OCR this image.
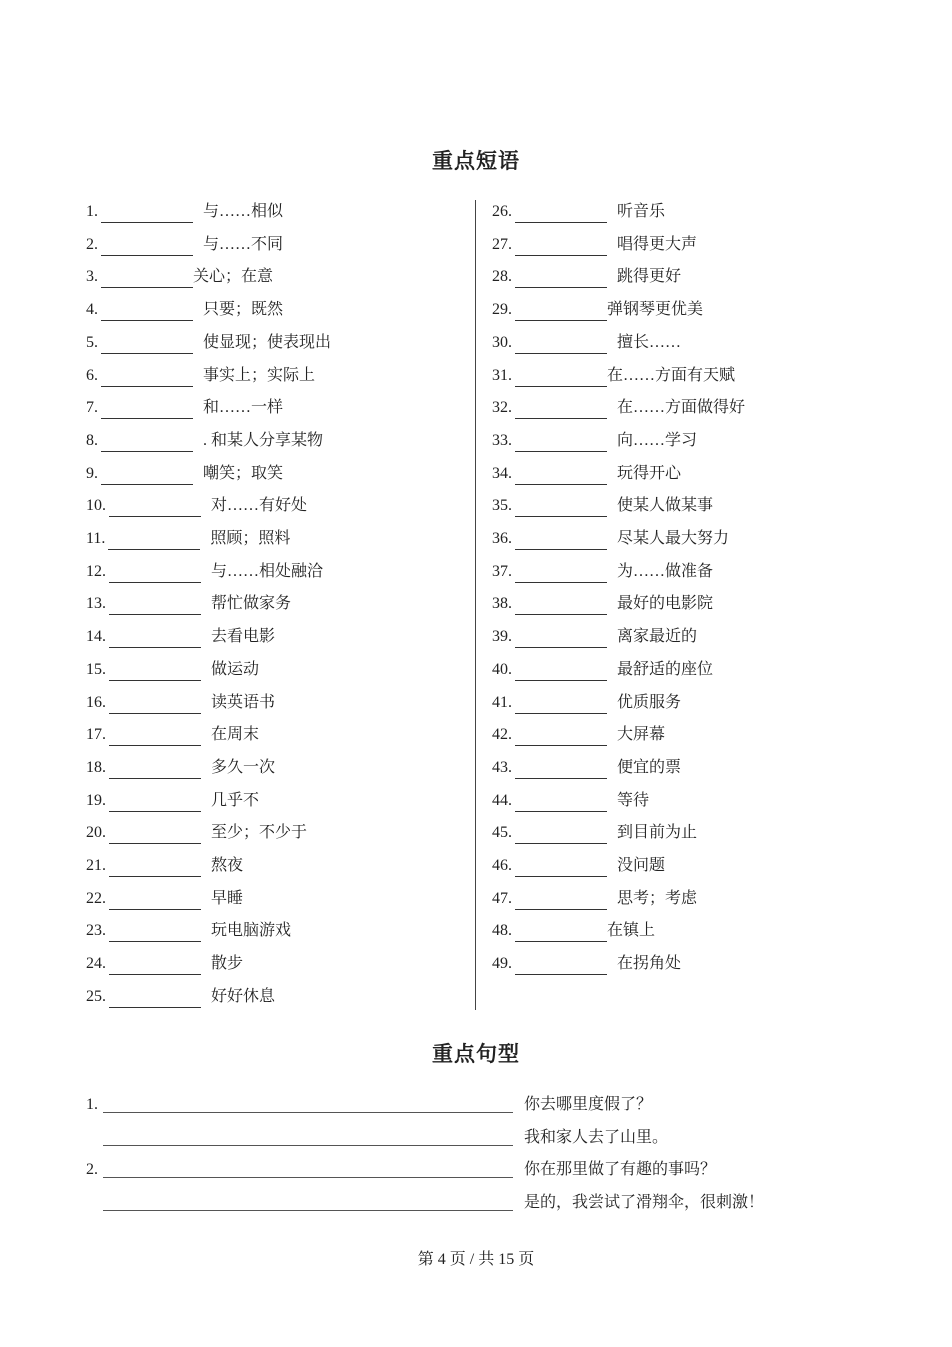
重点短语
1.	与……相似
2.	与……不同
3.	关心；在意
4.	只要；既然
5.	使显现；使表现出
6.	事实上；实际上
7.	和……一样
8.	. 和某人分享某物
9.	嘲笑；取笑
10.	对……有好处
11.	照顾；照料
12.	与……相处融洽
13.	帮忙做家务
14.	去看电影
15.	做运动
16.	读英语书
17.	在周末
18.	多久一次
19.	几乎不
20.	至少；不少于
21.	熬夜
22.	早睡
23.	玩电脑游戏
24.	散步
25.	好好休息
26.	听音乐
27.	唱得更大声
28.	跳得更好
29.	弹钢琴更优美
30.	擅长……
31.	在……方面有天赋
32.	在……方面做得好
33.	向……学习
34.	玩得开心
35.	使某人做某事
36.	尽某人最大努力
37.	为……做准备
38.	最好的电影院
39.	离家最近的
40.	最舒适的座位
41.	优质服务
42.	大屏幕
43.	便宜的票
44.	等待
45.	到目前为止
46.	没问题
47.	思考；考虑
48.	在镇上
49.	在拐角处
重点句型
1.	你去哪里度假了？
我和家人去了山里。
2.	你在那里做了有趣的事吗？
是的，我尝试了滑翔伞，很刺激！
第 4 页 / 共 15 页
